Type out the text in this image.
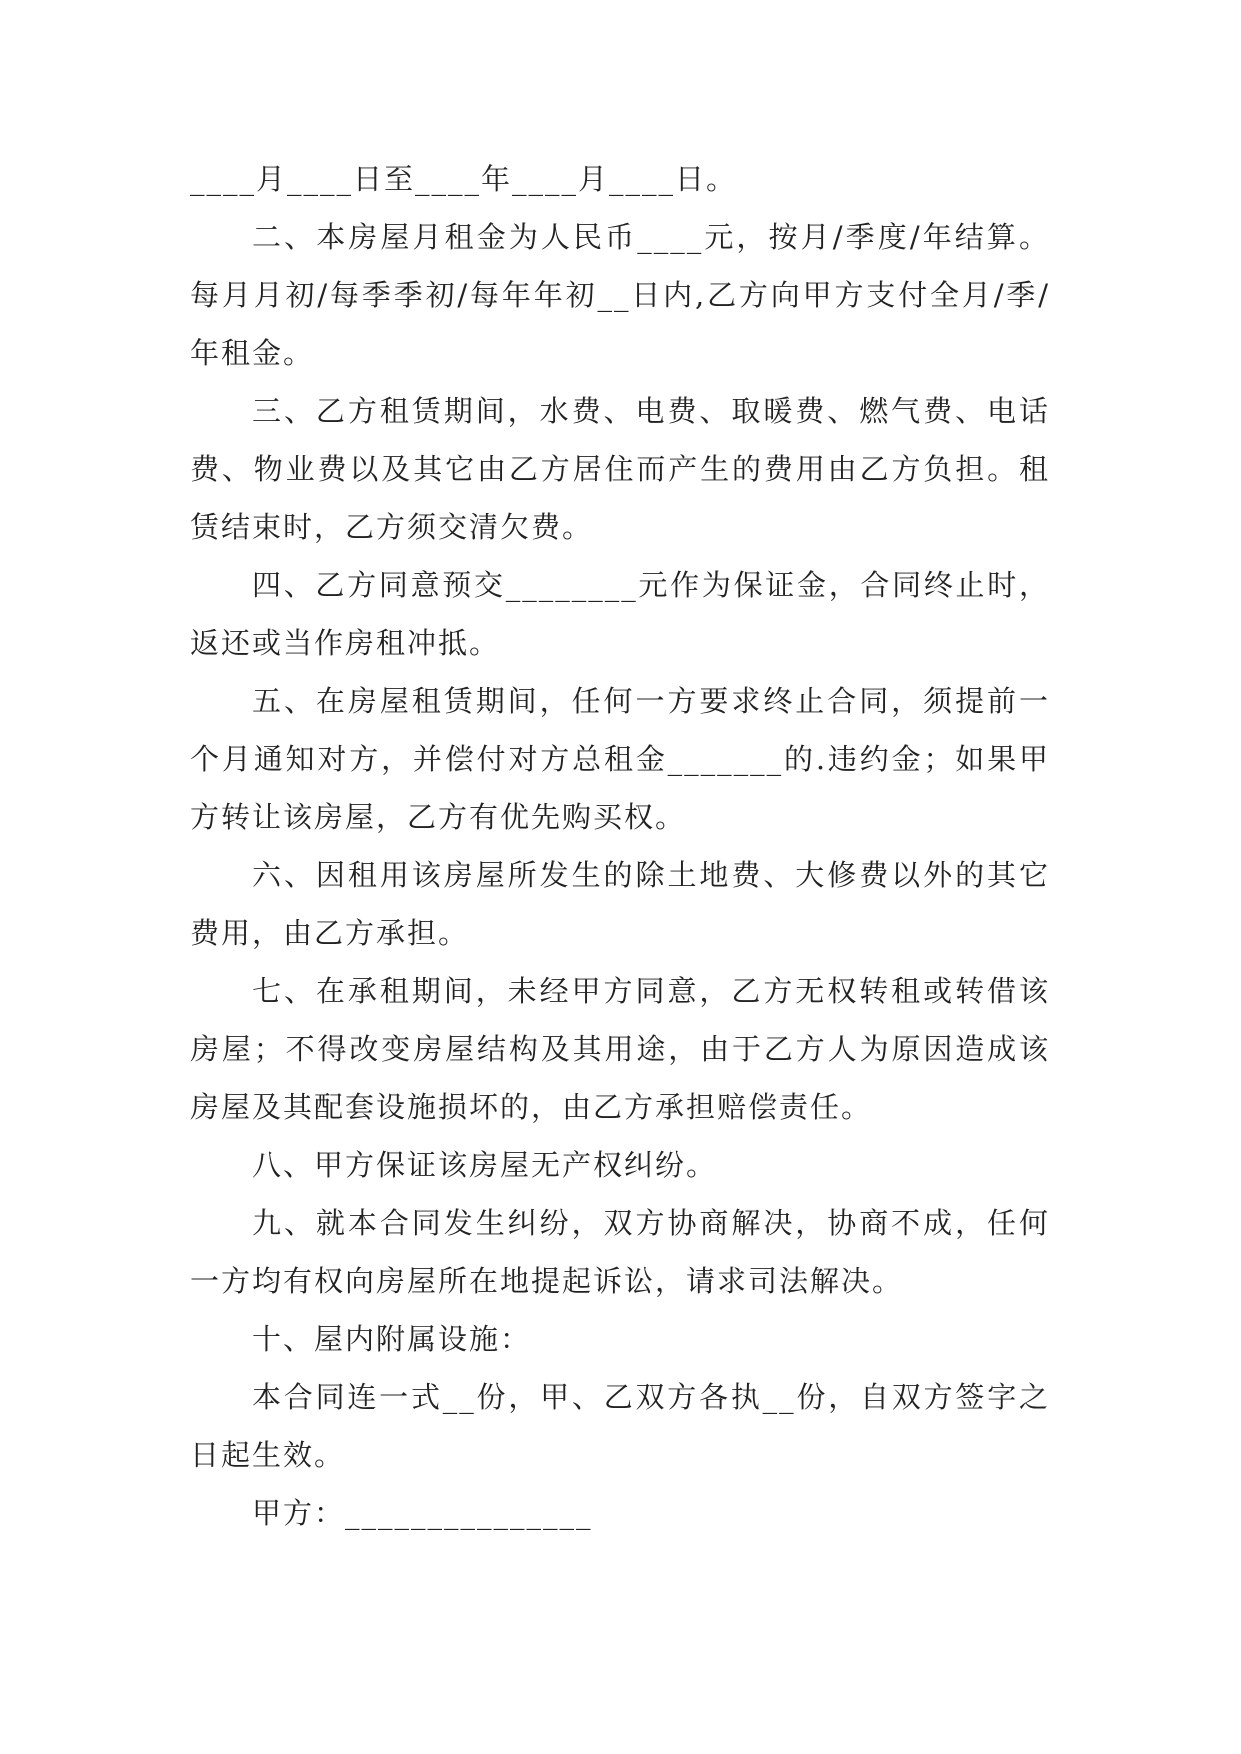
____月____日至____年____月____日。

二、本房屋月租金为人民币____元，按月/季度/年结算。每月月初/每季季初/每年年初__日内,乙方向甲方支付全月/季/年租金。

三、乙方租赁期间，水费、电费、取暖费、燃气费、电话费、物业费以及其它由乙方居住而产生的费用由乙方负担。租赁结束时，乙方须交清欠费。

四、乙方同意预交________元作为保证金，合同终止时，返还或当作房租冲抵。

五、在房屋租赁期间，任何一方要求终止合同，须提前一个月通知对方，并偿付对方总租金_______的.违约金；如果甲方转让该房屋，乙方有优先购买权。

六、因租用该房屋所发生的除土地费、大修费以外的其它费用，由乙方承担。

七、在承租期间，未经甲方同意，乙方无权转租或转借该房屋；不得改变房屋结构及其用途，由于乙方人为原因造成该房屋及其配套设施损坏的，由乙方承担赔偿责任。

八、甲方保证该房屋无产权纠纷。

九、就本合同发生纠纷，双方协商解决，协商不成，任何一方均有权向房屋所在地提起诉讼，请求司法解决。

十、屋内附属设施：

本合同连一式__份，甲、乙双方各执__份，自双方签字之日起生效。

甲方：_______________
